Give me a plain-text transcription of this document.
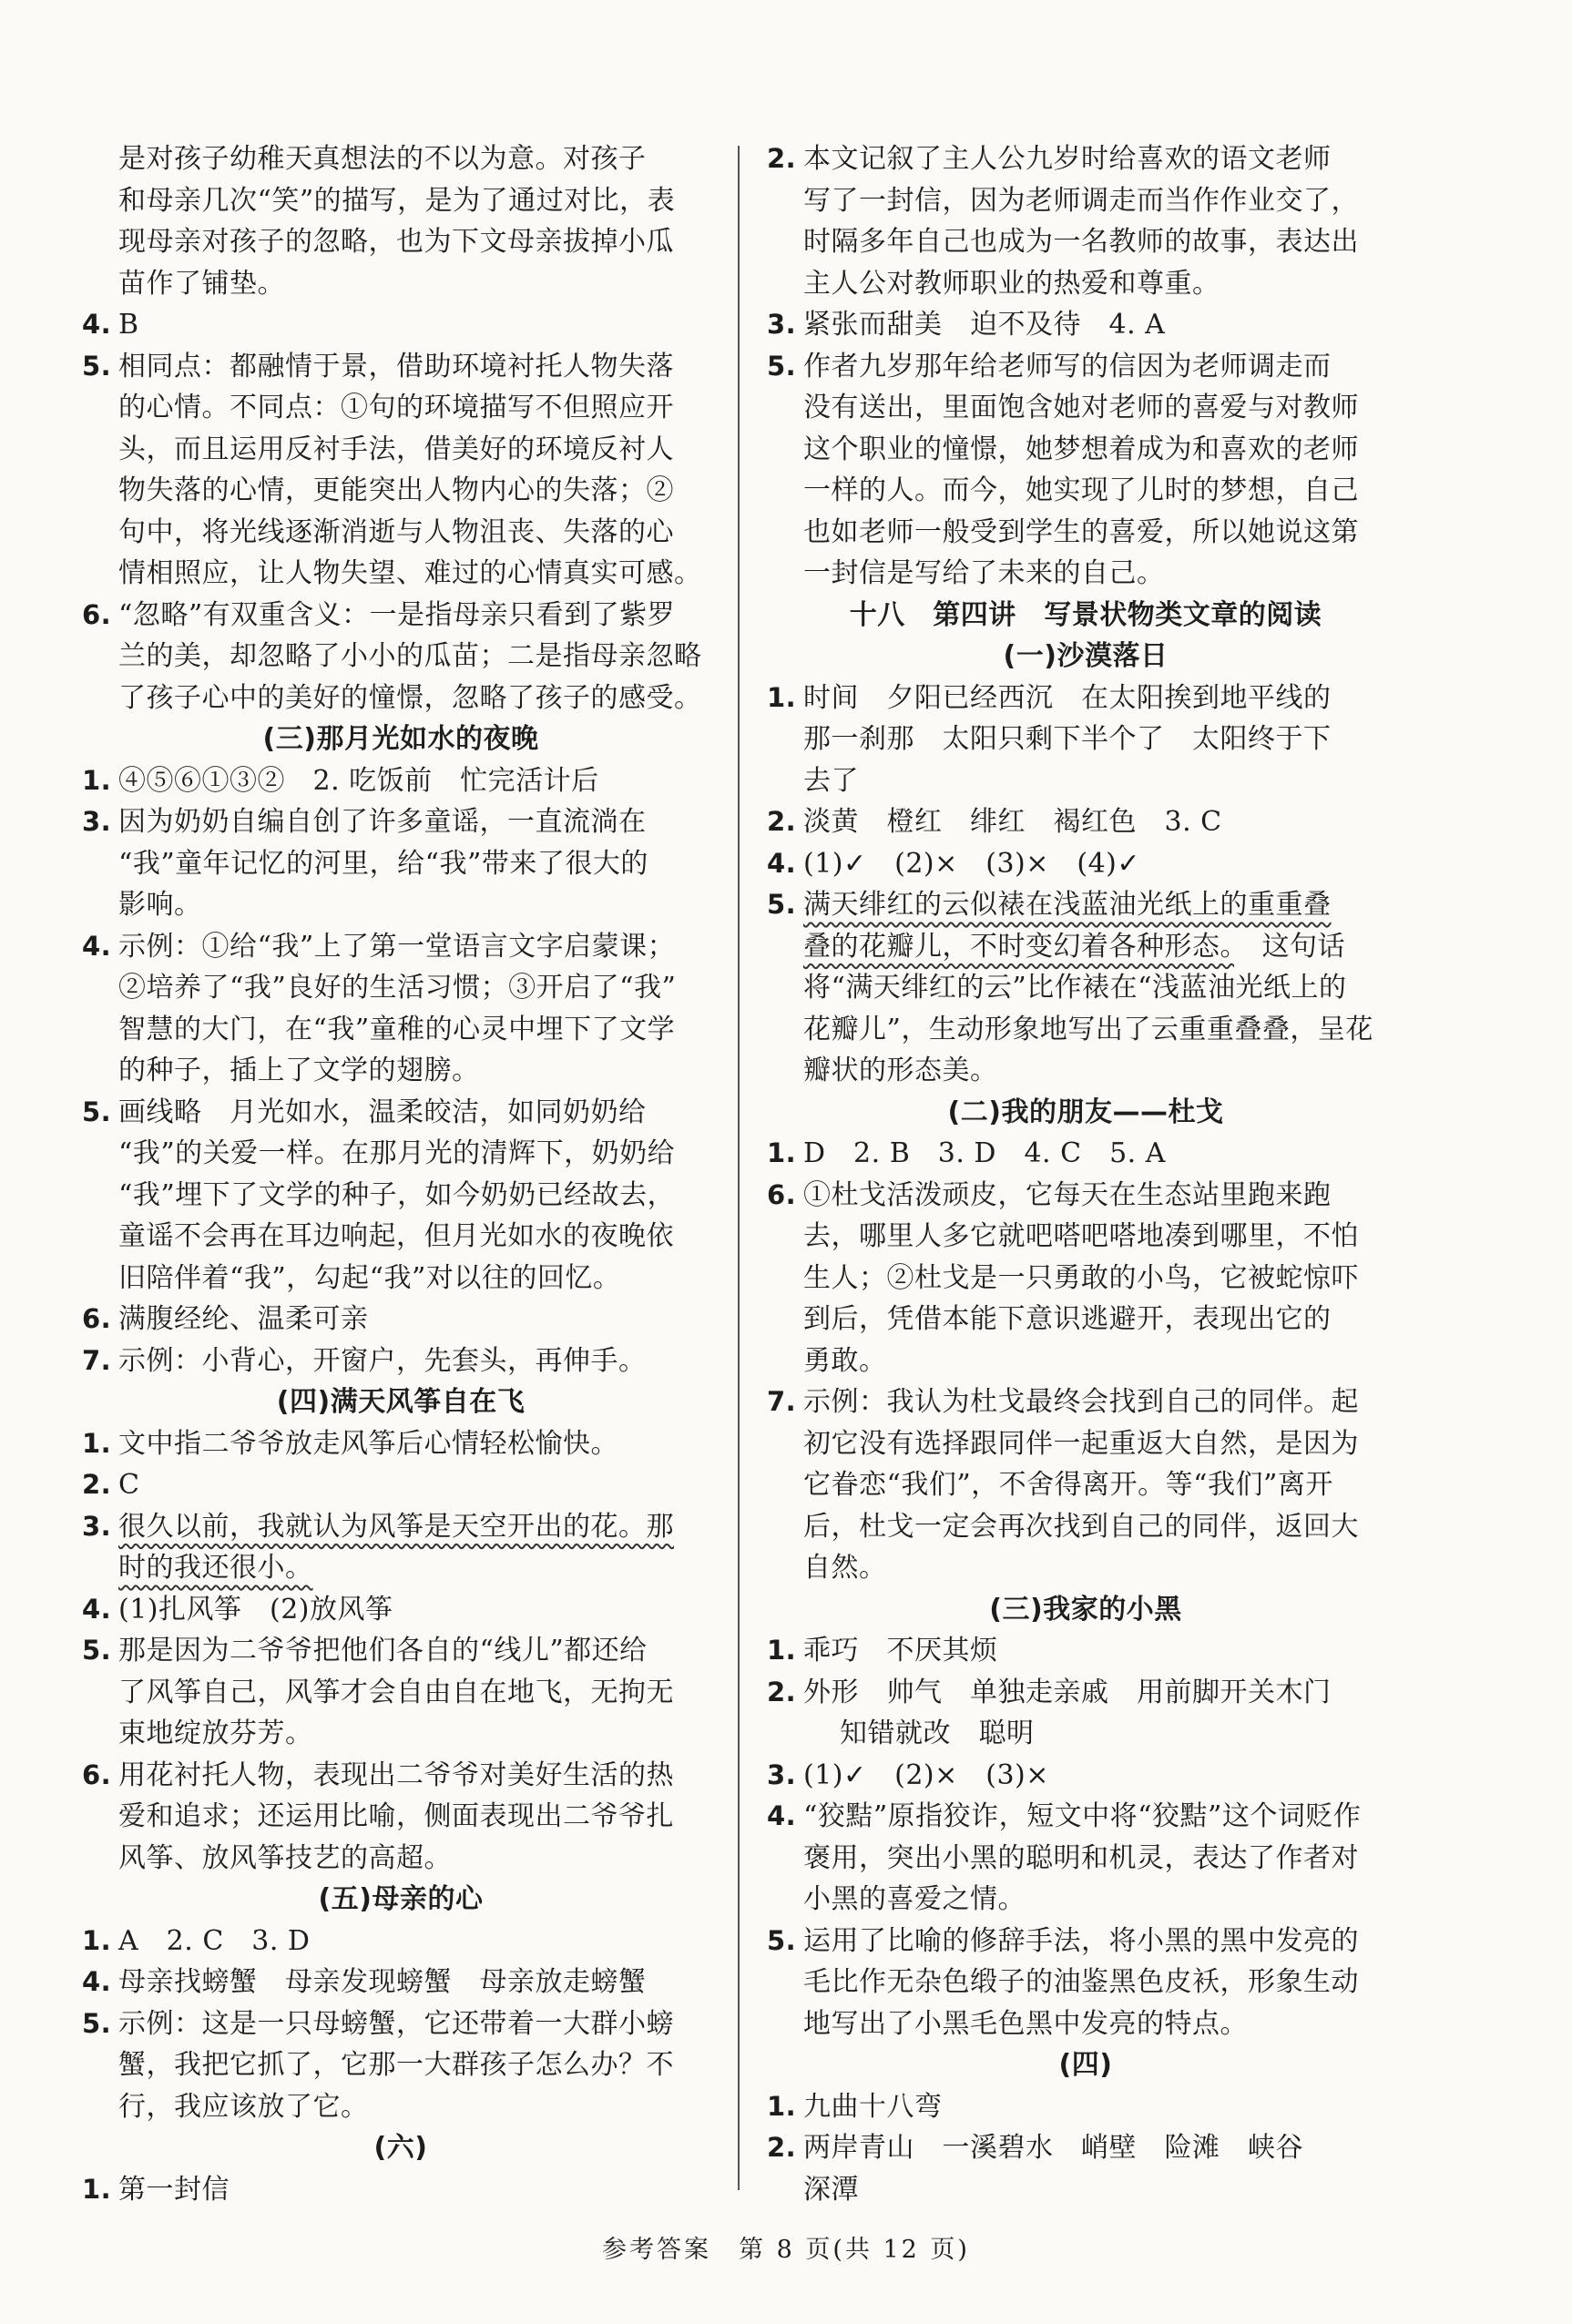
是对孩子幼稚天真想法的不以为意。对孩子
和母亲几次“笑”的描写，是为了通过对比，表
现母亲对孩子的忽略，也为下文母亲拔掉小瓜
苗作了铺垫。
4. B
5. 相同点：都融情于景，借助环境衬托人物失落
的心情。不同点：①句的环境描写不但照应开
头，而且运用反衬手法，借美好的环境反衬人
物失落的心情，更能突出人物内心的失落；②
句中，将光线逐渐消逝与人物沮丧、失落的心
情相照应，让人物失望、难过的心情真实可感。
6. “忽略”有双重含义：一是指母亲只看到了紫罗
兰的美，却忽略了小小的瓜苗；二是指母亲忽略
了孩子心中的美好的憧憬，忽略了孩子的感受。
(三)那月光如水的夜晚
1. ④⑤⑥①③②　2. 吃饭前　忙完活计后
3. 因为奶奶自编自创了许多童谣，一直流淌在
“我”童年记忆的河里，给“我”带来了很大的
影响。
4. 示例：①给“我”上了第一堂语言文字启蒙课；
②培养了“我”良好的生活习惯；③开启了“我”
智慧的大门，在“我”童稚的心灵中埋下了文学
的种子，插上了文学的翅膀。
5. 画线略　月光如水，温柔皎洁，如同奶奶给
“我”的关爱一样。在那月光的清辉下，奶奶给
“我”埋下了文学的种子，如今奶奶已经故去，
童谣不会再在耳边响起，但月光如水的夜晚依
旧陪伴着“我”，勾起“我”对以往的回忆。
6. 满腹经纶、温柔可亲
7. 示例：小背心，开窗户，先套头，再伸手。
(四)满天风筝自在飞
1. 文中指二爷爷放走风筝后心情轻松愉快。
2. C
3. 很久以前，我就认为风筝是天空开出的花。那
时的我还很小。
4. (1)扎风筝　(2)放风筝
5. 那是因为二爷爷把他们各自的“线儿”都还给
了风筝自己，风筝才会自由自在地飞，无拘无
束地绽放芬芳。
6. 用花衬托人物，表现出二爷爷对美好生活的热
爱和追求；还运用比喻，侧面表现出二爷爷扎
风筝、放风筝技艺的高超。
(五)母亲的心
1. A　2. C　3. D
4. 母亲找螃蟹　母亲发现螃蟹　母亲放走螃蟹
5. 示例：这是一只母螃蟹，它还带着一大群小螃
蟹，我把它抓了，它那一大群孩子怎么办？不
行，我应该放了它。
(六)
1. 第一封信
2. 本文记叙了主人公九岁时给喜欢的语文老师
写了一封信，因为老师调走而当作作业交了，
时隔多年自己也成为一名教师的故事，表达出
主人公对教师职业的热爱和尊重。
3. 紧张而甜美　迫不及待　4. A
5. 作者九岁那年给老师写的信因为老师调走而
没有送出，里面饱含她对老师的喜爱与对教师
这个职业的憧憬，她梦想着成为和喜欢的老师
一样的人。而今，她实现了儿时的梦想，自己
也如老师一般受到学生的喜爱，所以她说这第
一封信是写给了未来的自己。
十八　第四讲　写景状物类文章的阅读
(一)沙漠落日
1. 时间　夕阳已经西沉　在太阳挨到地平线的
那一刹那　太阳只剩下半个了　太阳终于下
去了
2. 淡黄　橙红　绯红　褐红色　3. C
4. (1)✓　(2)×　(3)×　(4)✓
5. 满天绯红的云似裱在浅蓝油光纸上的重重叠
叠的花瓣儿，不时变幻着各种形态。　这句话
将“满天绯红的云”比作裱在“浅蓝油光纸上的
花瓣儿”，生动形象地写出了云重重叠叠，呈花
瓣状的形态美。
(二)我的朋友——杜戈
1. D　2. B　3. D　4. C　5. A
6. ①杜戈活泼顽皮，它每天在生态站里跑来跑
去，哪里人多它就吧嗒吧嗒地凑到哪里，不怕
生人；②杜戈是一只勇敢的小鸟，它被蛇惊吓
到后，凭借本能下意识逃避开，表现出它的
勇敢。
7. 示例：我认为杜戈最终会找到自己的同伴。起
初它没有选择跟同伴一起重返大自然，是因为
它眷恋“我们”，不舍得离开。等“我们”离开
后，杜戈一定会再次找到自己的同伴，返回大
自然。
(三)我家的小黑
1. 乖巧　不厌其烦
2. 外形　帅气　单独走亲戚　用前脚开关木门
知错就改　聪明
3. (1)✓　(2)×　(3)×
4. “狡黠”原指狡诈，短文中将“狡黠”这个词贬作
褒用，突出小黑的聪明和机灵，表达了作者对
小黑的喜爱之情。
5. 运用了比喻的修辞手法，将小黑的黑中发亮的
毛比作无杂色缎子的油鉴黑色皮袄，形象生动
地写出了小黑毛色黑中发亮的特点。
(四)
1. 九曲十八弯
2. 两岸青山　一溪碧水　峭壁　险滩　峡谷
深潭
参考答案　第 8 页(共 12 页)
